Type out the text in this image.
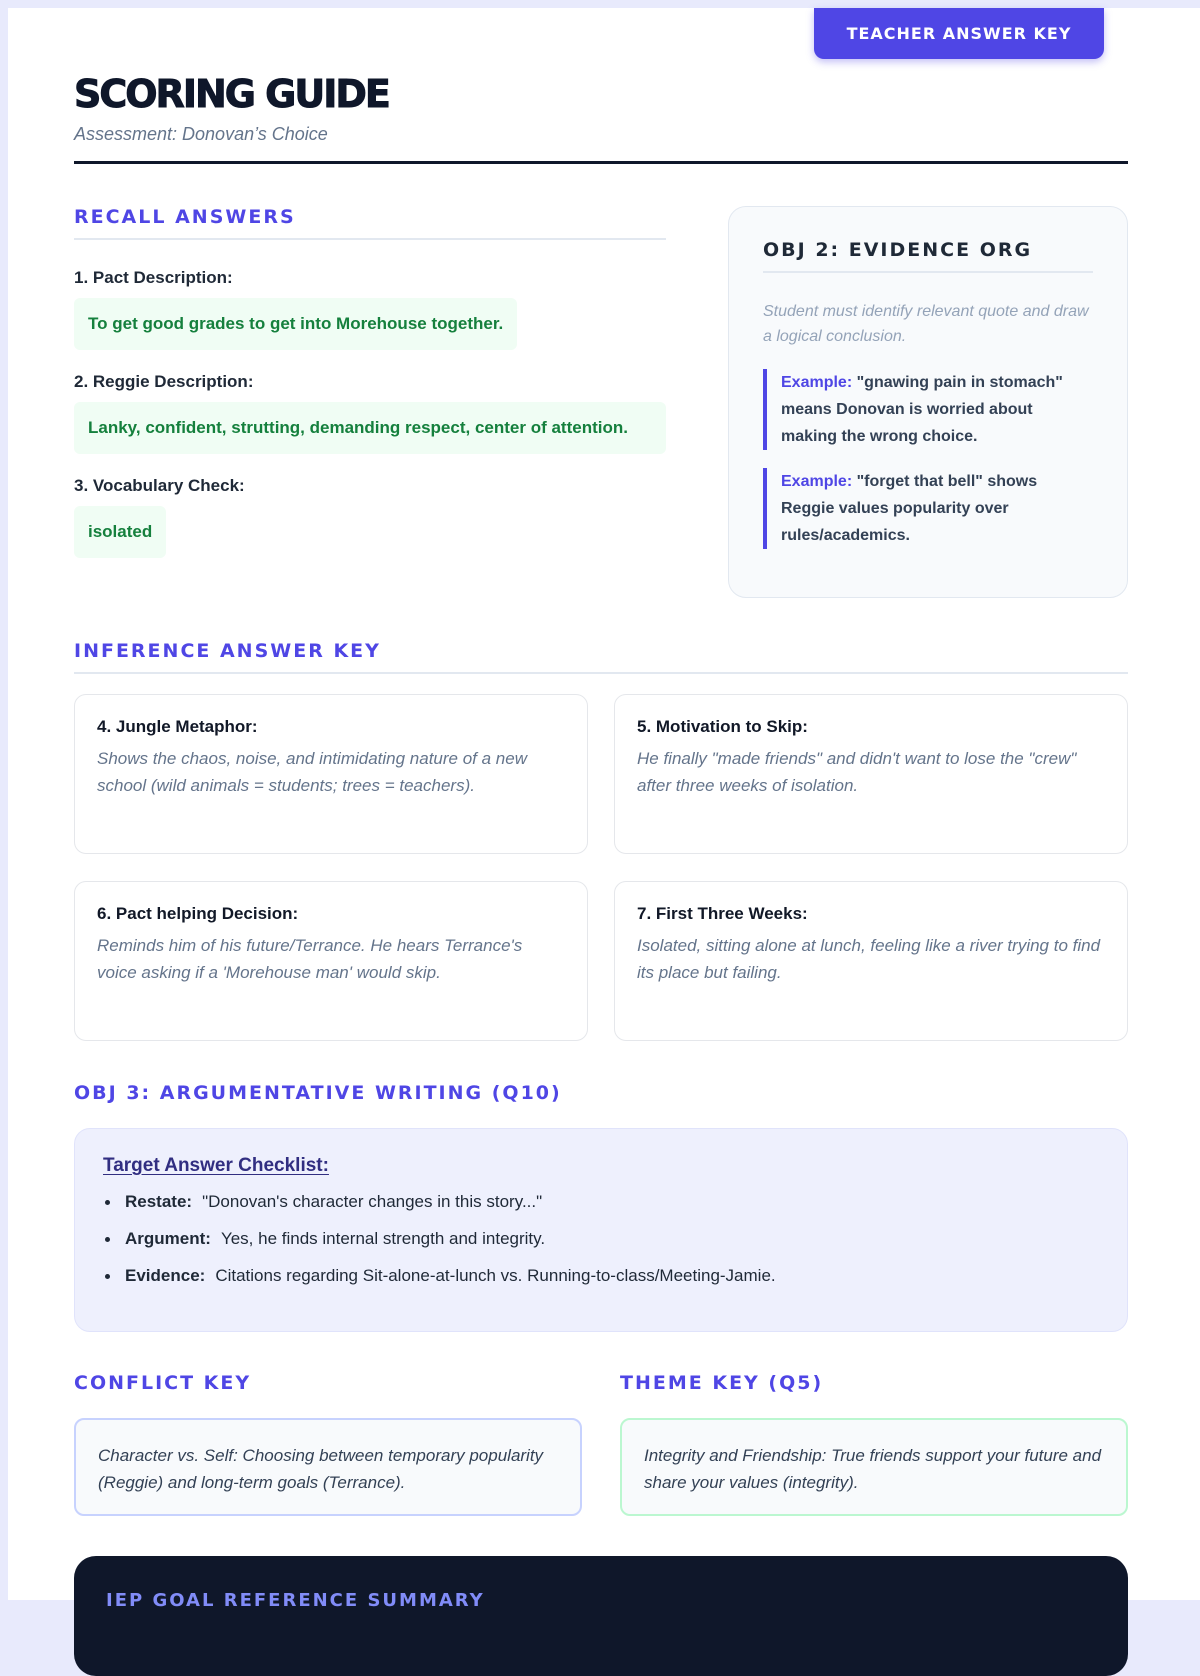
TEACHER ANSWER KEY
SCORING GUIDE
Assessment: Donovan’s Choice
RECALL ANSWERS
1. Pact Description:
To get good grades to get into Morehouse together.
2. Reggie Description:
Lanky, confident, strutting, demanding respect, center of attention.
3. Vocabulary Check:
isolated
OBJ 2: EVIDENCE ORG

Student must identify relevant quote and draw a logical conclusion.

Example: "gnawing pain in stomach" means Donovan is worried about making the wrong choice.
Example: "forget that bell" shows Reggie values popularity over rules/academics.
INFERENCE ANSWER KEY
4. Jungle Metaphor:
Shows the chaos, noise, and intimidating nature of a new school (wild animals = students; trees = teachers).
5. Motivation to Skip:
He finally "made friends" and didn't want to lose the "crew" after three weeks of isolation.
6. Pact helping Decision:
Reminds him of his future/Terrance. He hears Terrance's voice asking if a 'Morehouse man' would skip.
7. First Three Weeks:
Isolated, sitting alone at lunch, feeling like a river trying to find its place but failing.
OBJ 3: ARGUMENTATIVE WRITING (Q10)
Target Answer Checklist:
Restate: "Donovan's character changes in this story..."
Argument: Yes, he finds internal strength and integrity.
Evidence: Citations regarding Sit-alone-at-lunch vs. Running-to-class/Meeting-Jamie.
CONFLICT KEY	THEME KEY (Q5)
Character vs. Self: Choosing between temporary popularity (Reggie) and long-term goals (Terrance).
Integrity and Friendship: True friends support your future and share your values (integrity).
IEP GOAL REFERENCE SUMMARY
